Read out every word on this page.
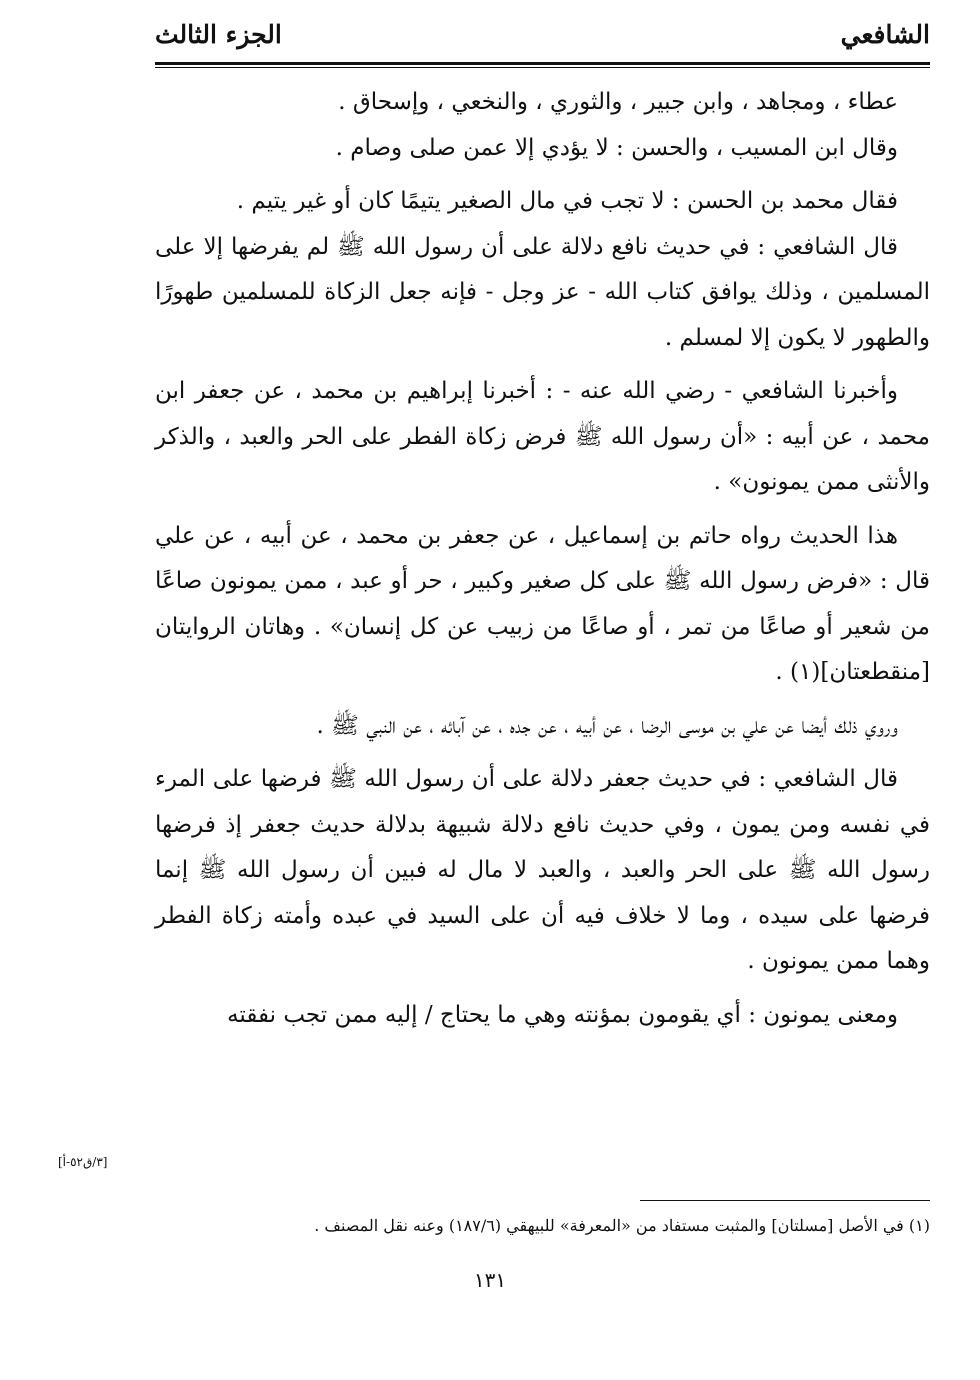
الجزء الثالث	الشافعي

عطاء ، ومجاهد ، وابن جبير ، والثوري ، والنخعي ، وإسحاق .

وقال ابن المسيب ، والحسن : لا يؤدي إلا عمن صلى وصام .

فقال محمد بن الحسن : لا تجب في مال الصغير يتيمًا كان أو غير يتيم .

قال الشافعي : في حديث نافع دلالة على أن رسول الله ﷺ لم يفرضها إلا على المسلمين ، وذلك يوافق كتاب الله - عز وجل - فإنه جعل الزكاة للمسلمين طهورًا والطهور لا يكون إلا لمسلم .

وأخبرنا الشافعي - رضي الله عنه - : أخبرنا إبراهيم بن محمد ، عن جعفر ابن محمد ، عن أبيه : «أن رسول الله ﷺ فرض زكاة الفطر على الحر والعبد ، والذكر والأنثى ممن يمونون» .

هذا الحديث رواه حاتم بن إسماعيل ، عن جعفر بن محمد ، عن أبيه ، عن علي قال : «فرض رسول الله ﷺ على كل صغير وكبير ، حر أو عبد ، ممن يمونون صاعًا من شعير أو صاعًا من تمر ، أو صاعًا من زبيب عن كل إنسان» . وهاتان الروايتان [منقطعتان](١) .

وروي ذلك أيضا عن علي بن موسى الرضا ، عن أبيه ، عن جده ، عن آبائه ، عن النبي ﷺ .

قال الشافعي : في حديث جعفر دلالة على أن رسول الله ﷺ فرضها على المرء في نفسه ومن يمون ، وفي حديث نافع دلالة شبيهة بدلالة حديث جعفر إذ فرضها رسول الله ﷺ على الحر والعبد ، والعبد لا مال له فبين أن رسول الله ﷺ إنما فرضها على سيده ، وما لا خلاف فيه أن على السيد في عبده وأمته زكاة الفطر وهما ممن يمونون .

ومعنى يمونون : أي يقومون بمؤنته وهي ما يحتاج / إليه ممن تجب نفقته

[٣/ق٥٢-أ]
(١) في الأصل [مسلتان] والمثبت مستفاد من «المعرفة» للبيهقي (١٨٧/٦) وعنه نقل المصنف .
١٣١
